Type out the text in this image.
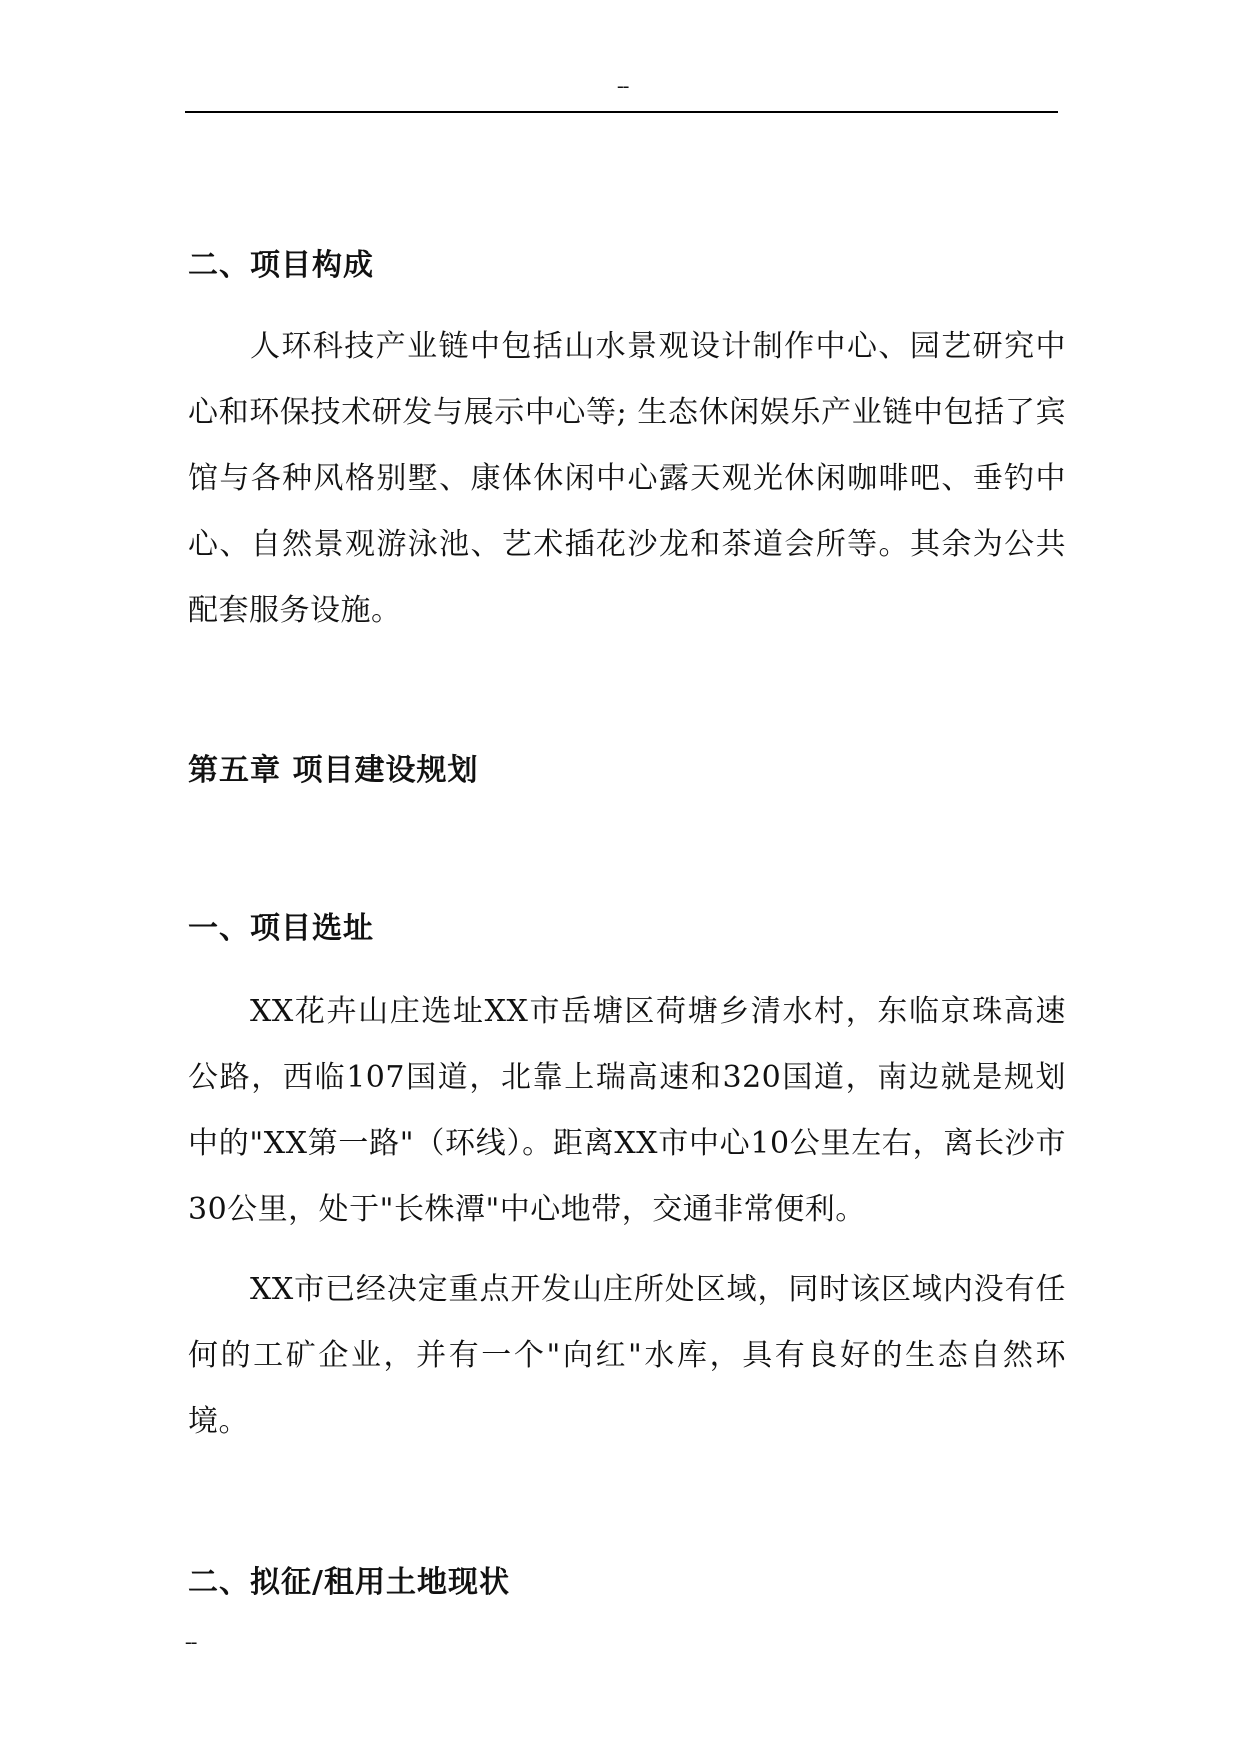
--
二、项目构成
人环科技产业链中包括山水景观设计制作中心、园艺研究中心和环保技术研发与展示中心等; 生态休闲娱乐产业链中包括了宾馆与各种风格别墅、康体休闲中心露天观光休闲咖啡吧、垂钓中心、自然景观游泳池、艺术插花沙龙和茶道会所等。其余为公共配套服务设施。
第五章 项目建设规划
一、项目选址
XX花卉山庄选址XX市岳塘区荷塘乡清水村，东临京珠高速公路，西临107国道，北靠上瑞高速和320国道，南边就是规划中的"XX第一路"（环线）。距离XX市中心10公里左右，离长沙市30公里，处于"长株潭"中心地带，交通非常便利。
XX市已经决定重点开发山庄所处区域，同时该区域内没有任何的工矿企业，并有一个"向红"水库，具有良好的生态自然环境。
二、拟征/租用土地现状
--
